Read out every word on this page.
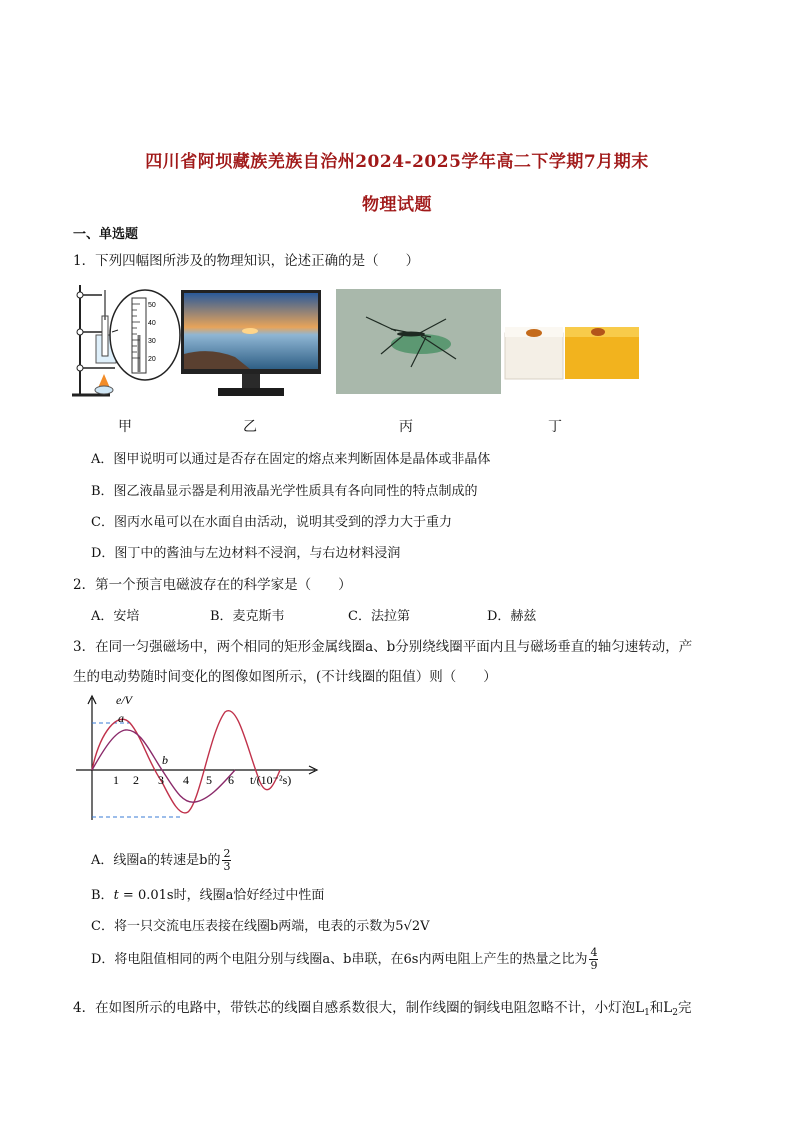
四川省阿坝藏族羌族自治州2024-2025学年高二下学期7月期末
物理试题
一、单选题
1．下列四幅图所涉及的物理知识，论述正确的是（　　）
50
40
30
20
甲	乙	丙	丁
A．图甲说明可以通过是否存在固定的熔点来判断固体是晶体或非晶体
B．图乙液晶显示器是利用液晶光学性质具有各向同性的特点制成的
C．图丙水黾可以在水面自由活动，说明其受到的浮力大于重力
D．图丁中的酱油与左边材料不浸润，与右边材料浸润
2．第一个预言电磁波存在的科学家是（　　）
A．安培	B．麦克斯韦	C．法拉第	D．赫兹
3．在同一匀强磁场中，两个相同的矩形金属线圈a、b分别绕线圈平面内且与磁场垂直的轴匀速转动，产
生的电动势随时间变化的图像如图所示，(不计线圈的阻值）则（　　）
e/V
a
b
1 2 3 4 5 6 t/(10⁻²s)
A．线圈a的转速是b的 $\frac{2}{3}$
B．t = 0.01s时，线圈a恰好经过中性面
C．将一只交流电压表接在线圈b两端，电表的示数为5√2V
D．将电阻值相同的两个电阻分别与线圈a、b串联，在6s内两电阻上产生的热量之比为 $\frac{4}{9}$
4．在如图所示的电路中，带铁芯的线圈自感系数很大，制作线圈的铜线电阻忽略不计，小灯泡$L_1$和$L_2$完
